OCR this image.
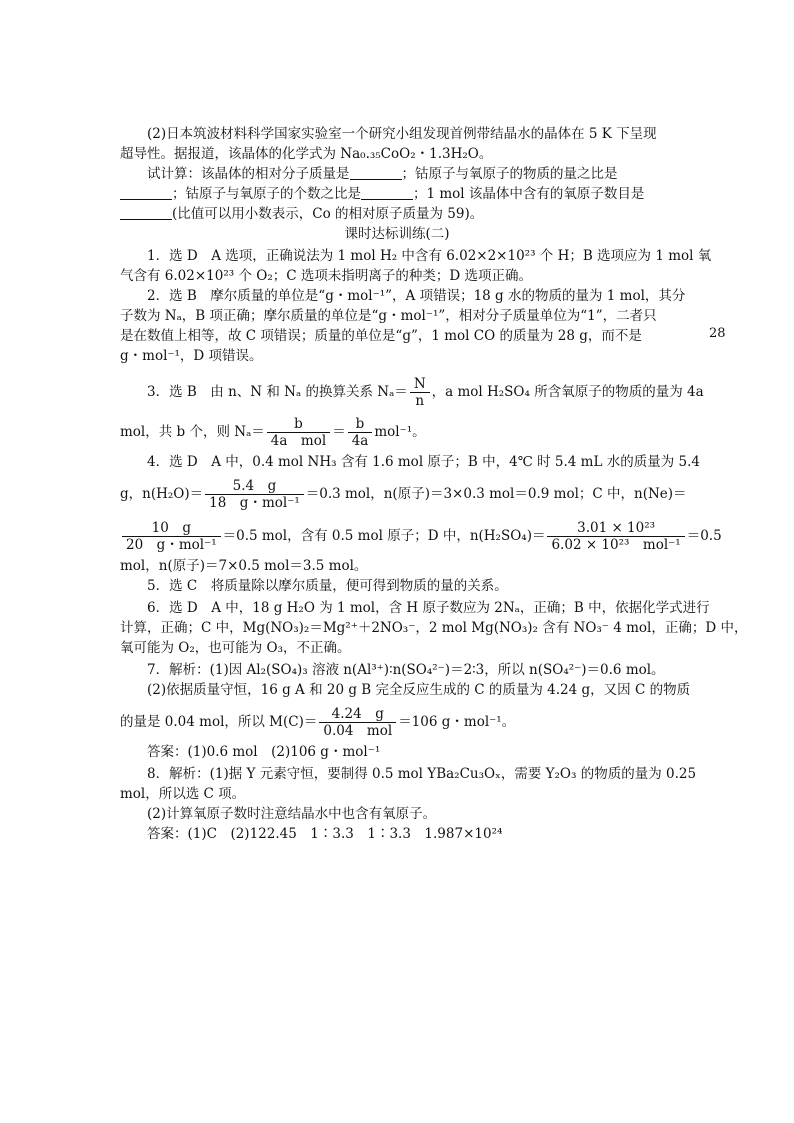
(2)日本筑波材料科学国家实验室一个研究小组发现首例带结晶水的晶体在 5 K 下呈现
超导性。据报道，该晶体的化学式为 Na₀.₃₅CoO₂・1.3H₂O。
试计算：该晶体的相对分子质量是	；钴原子与氧原子的物质的量之比是
；钴原子与氧原子的个数之比是	；1 mol 该晶体中含有的氧原子数目是
(比值可以用小数表示，Co 的相对原子质量为 59)。
课时达标训练(二)
1．选 D　A 选项，正确说法为 1 mol H₂ 中含有 6.02×2×10²³ 个 H；B 选项应为 1 mol 氧
气含有 6.02×10²³ 个 O₂；C 选项未指明离子的种类；D 选项正确。
2．选 B　摩尔质量的单位是“g・mol⁻¹”，A 项错误；18 g 水的物质的量为 1 mol，其分
子数为 Nₐ，B 项正确；摩尔质量的单位是“g・mol⁻¹”，相对分子质量单位为“1”，二者只
是在数值上相等，故 C 项错误；质量的单位是“g”，1 mol CO 的质量为 28 g，而不是	28
g・mol⁻¹，D 项错误。
3．选 B　由 n、N 和 Nₐ 的换算关系 $N_a= \frac{N}{n}$ ，a mol H₂SO₄ 所含氧原子的物质的量为 4a
mol，共 b 个，则 $N_a= \frac{b}{\text{4a　mol}} = \frac{b}{4a} mol^{-1}$。
4．选 D　A 中，0.4 mol NH₃ 含有 1.6 mol 原子；B 中，4℃ 时 5.4 mL 水的质量为 5.4
g，$n(H_2O)= \frac{5.4 g}{\text{18　g・mol⁻¹}} =0.3$ mol，n(原子)＝3×0.3 mol＝0.9 mol；C 中，n(Ne)＝
$\frac{10 g}{\text{20　g・mol⁻¹}} =0.5$ mol，含有 0.5 mol 原子；D 中，$n(H_2SO_4)= \frac{\text{3.01 × 10²³}}{\text{6.02 × 10²³　mol⁻¹}} =0.5$
mol，n(原子)＝7×0.5 mol＝3.5 mol。
5．选 C　将质量除以摩尔质量，便可得到物质的量的关系。
6．选 D　A 中，18 g H₂O 为 1 mol，含 H 原子数应为 2Nₐ，正确；B 中，依据化学式进行
计算，正确；C 中，Mg(NO₃)₂＝Mg²⁺＋2NO₃⁻，2 mol Mg(NO₃)₂ 含有 NO₃⁻ 4 mol，正确；D 中，
氧可能为 O₂，也可能为 O₃，不正确。
7．解析：(1)因 Al₂(SO₄)₃ 溶液 n(Al³⁺)∶n(SO₄²⁻)＝2∶3，所以 n(SO₄²⁻)＝0.6 mol。
(2)依据质量守恒，16 g A 和 20 g B 完全反应生成的 C 的质量为 4.24 g，又因 C 的物质
的量是 0.04 mol，所以 $M(C)= \frac{4.24 g}{\text{0.04　mol}} =106$ g・mol⁻¹。
答案：(1)0.6 mol　(2)106 g・mol⁻¹
8．解析：(1)据 Y 元素守恒，要制得 0.5 mol YBa₂Cu₃Oₓ，需要 Y₂O₃ 的物质的量为 0.25
mol，所以选 C 项。
(2)计算氧原子数时注意结晶水中也含有氧原子。
答案：(1)C　(2)122.45　1∶3.3　1∶3.3　1.987×10²⁴
